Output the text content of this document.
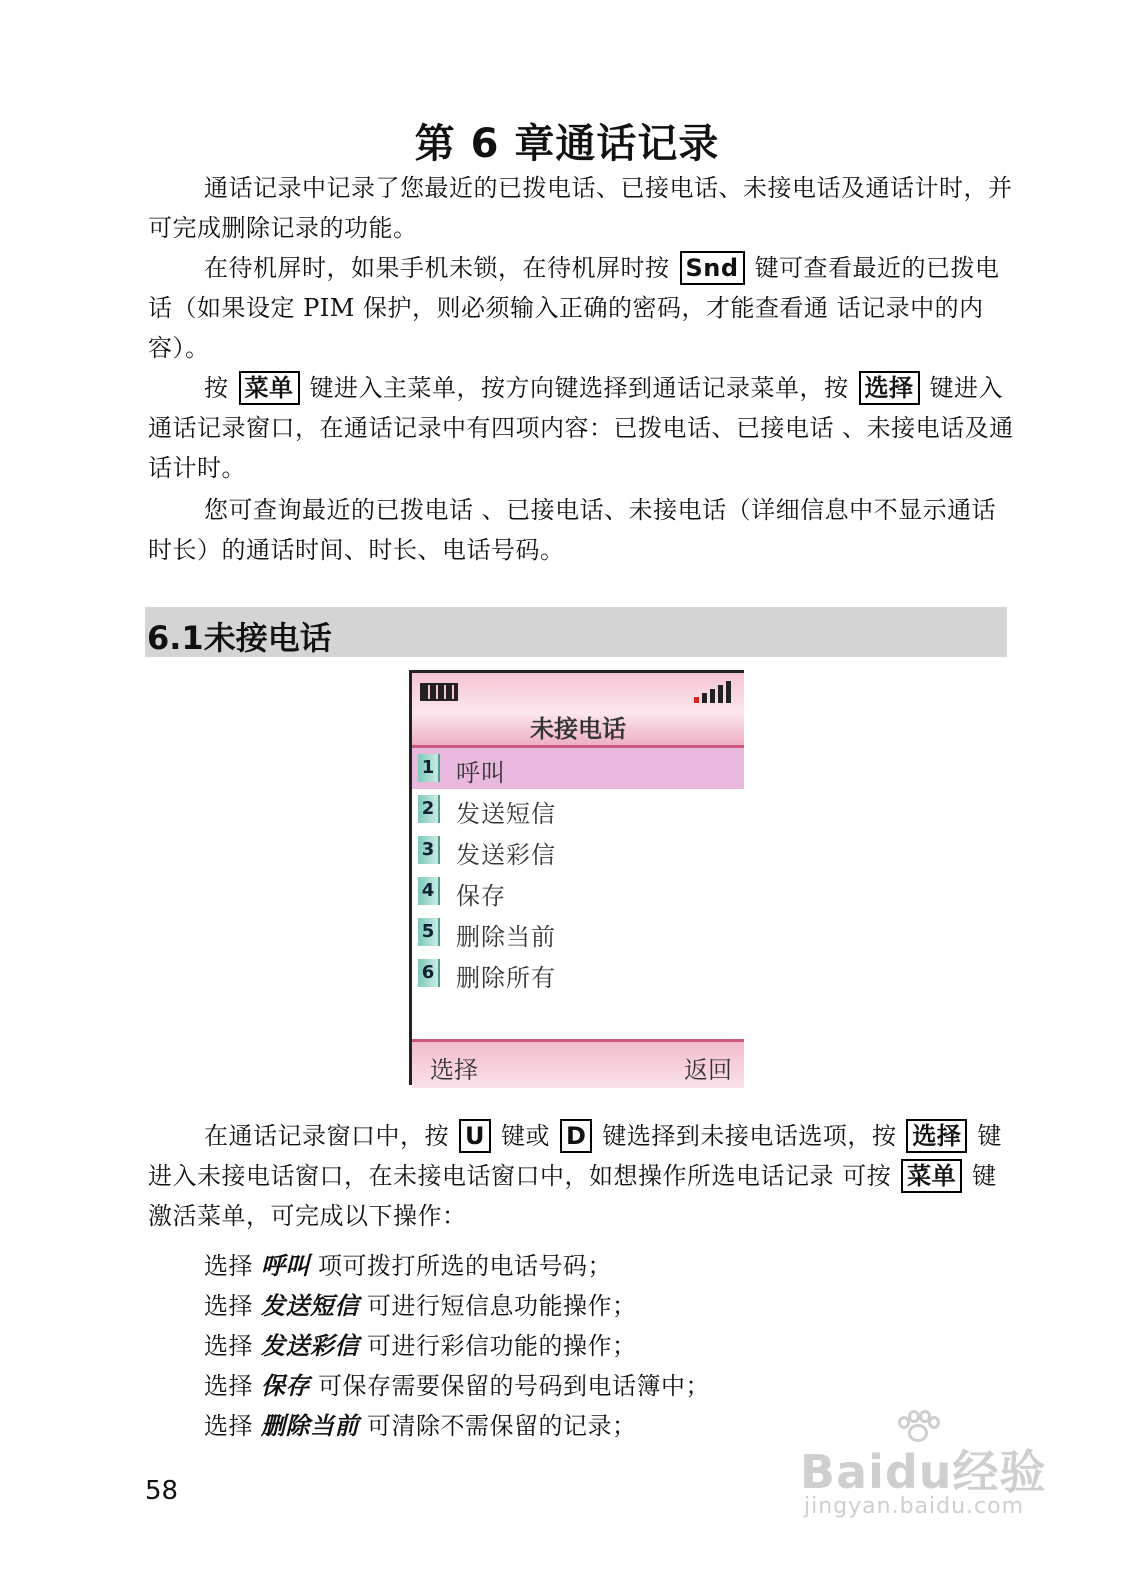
第 6 章通话记录
通话记录中记录了您最近的已拨电话、已接电话、未接电话及通话计时，并可完成删除记录的功能。
在待机屏时，如果手机未锁，在待机屏时按 Snd 键可查看最近的已拨电话（如果设定 PIM 保护，则必须输入正确的密码，才能查看通 话记录中的内容）。
按 菜单 键进入主菜单，按方向键选择到通话记录菜单，按 选择 键进入通话记录窗口，在通话记录中有四项内容：已拨电话、已接电话 、未接电话及通话计时。
您可查询最近的已拨电话 、已接电话、未接电话（详细信息中不显示通话时长）的通话时间、时长、电话号码。
6.1未接电话
未接电话
1 呼叫
2 发送短信
3 发送彩信
4 保存
5 删除当前
6 删除所有
选择	返回
在通话记录窗口中，按 U 键或 D 键选择到未接电话选项，按 选择 键进入未接电话窗口，在未接电话窗口中，如想操作所选电话记录 可按 菜单 键激活菜单，可完成以下操作：
选择 呼叫 项可拨打所选的电话号码；
选择 发送短信 可进行短信息功能操作；
选择 发送彩信 可进行彩信功能的操作；
选择 保存 可保存需要保留的号码到电话簿中；
选择 删除当前 可清除不需保留的记录；
58	Baidu经验
jingyan.baidu.com
